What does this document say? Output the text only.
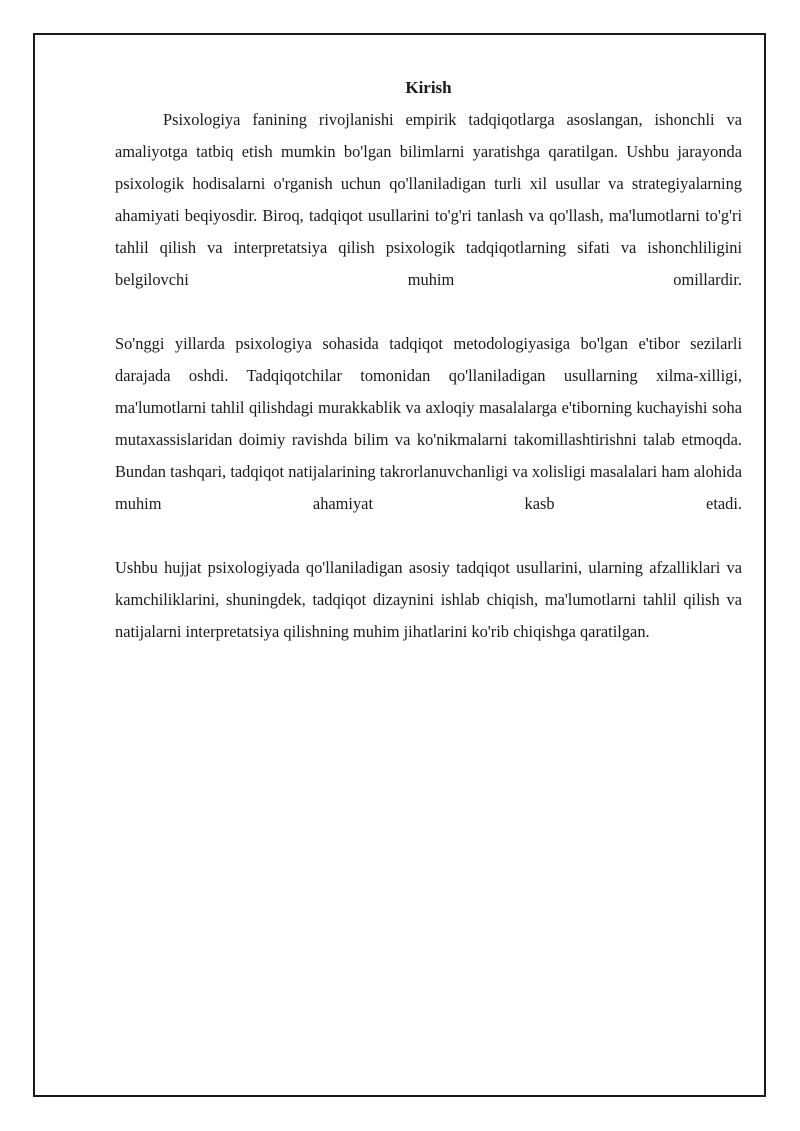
Kirish

Psixologiya fanining rivojlanishi empirik tadqiqotlarga asoslangan, ishonchli va amaliyotga tatbiq etish mumkin bo'lgan bilimlarni yaratishga qaratilgan. Ushbu jarayonda psixologik hodisalarni o'rganish uchun qo'llaniladigan turli xil usullar va strategiyalarning ahamiyati beqiyosdir. Biroq, tadqiqot usullarini to'g'ri tanlash va qo'llash, ma'lumotlarni to'g'ri tahlil qilish va interpretatsiya qilish psixologik tadqiqotlarning sifati va ishonchliligini belgilovchi muhim omillardir.

So'nggi yillarda psixologiya sohasida tadqiqot metodologiyasiga bo'lgan e'tibor sezilarli darajada oshdi. Tadqiqotchilar tomonidan qo'llaniladigan usullarning xilma-xilligi, ma'lumotlarni tahlil qilishdagi murakkablik va axloqiy masalalarga e'tiborning kuchayishi soha mutaxassislaridan doimiy ravishda bilim va ko'nikmalarni takomillashtirishni talab etmoqda. Bundan tashqari, tadqiqot natijalarining takrorlanuvchanligi va xolisligi masalalari ham alohida muhim ahamiyat kasb etadi.

Ushbu hujjat psixologiyada qo'llaniladigan asosiy tadqiqot usullarini, ularning afzalliklari va kamchiliklarini, shuningdek, tadqiqot dizaynini ishlab chiqish, ma'lumotlarni tahlil qilish va natijalarni interpretatsiya qilishning muhim jihatlarini ko'rib chiqishga qaratilgan.
